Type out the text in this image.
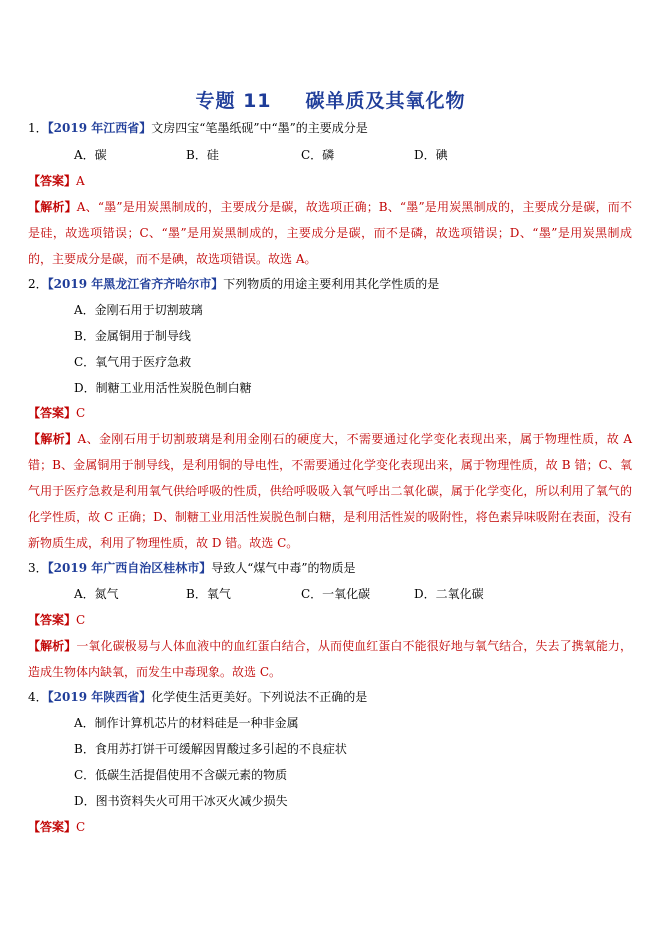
专题 11 碳单质及其氧化物
1．【2019 年江西省】文房四宝“笔墨纸砚”中“墨”的主要成分是
A．碳	B．硅	C．磷	D．碘
【答案】A
【解析】A、“墨”是用炭黑制成的，主要成分是碳，故选项正确；B、“墨”是用炭黑制成的，主要成分是碳，而不是硅，故选项错误；C、“墨”是用炭黑制成的，主要成分是碳，而不是磷，故选项错误；D、“墨”是用炭黑制成的，主要成分是碳，而不是碘，故选项错误。故选 A。
2．【2019 年黑龙江省齐齐哈尔市】下列物质的用途主要利用其化学性质的是
A．金刚石用于切割玻璃
B．金属铜用于制导线
C．氧气用于医疗急救
D．制糖工业用活性炭脱色制白糖
【答案】C
【解析】A、金刚石用于切割玻璃是利用金刚石的硬度大，不需要通过化学变化表现出来，属于物理性质，故 A 错；B、金属铜用于制导线，是利用铜的导电性，不需要通过化学变化表现出来，属于物理性质，故 B 错；C、氧气用于医疗急救是利用氧气供给呼吸的性质，供给呼吸吸入氧气呼出二氧化碳，属于化学变化，所以利用了氧气的化学性质，故 C 正确；D、制糖工业用活性炭脱色制白糖，是利用活性炭的吸附性，将色素异味吸附在表面，没有新物质生成，利用了物理性质，故 D 错。故选 C。
3．【2019 年广西自治区桂林市】导致人“煤气中毒”的物质是
A．氮气	B．氧气	C．一氧化碳	D．二氧化碳
【答案】C
【解析】一氧化碳极易与人体血液中的血红蛋白结合，从而使血红蛋白不能很好地与氧气结合，失去了携氧能力，造成生物体内缺氧，而发生中毒现象。故选 C。
4．【2019 年陕西省】化学使生活更美好。下列说法不正确的是
A．制作计算机芯片的材料硅是一种非金属
B．食用苏打饼干可缓解因胃酸过多引起的不良症状
C．低碳生活提倡使用不含碳元素的物质
D．图书资料失火可用干冰灭火减少损失
【答案】C
